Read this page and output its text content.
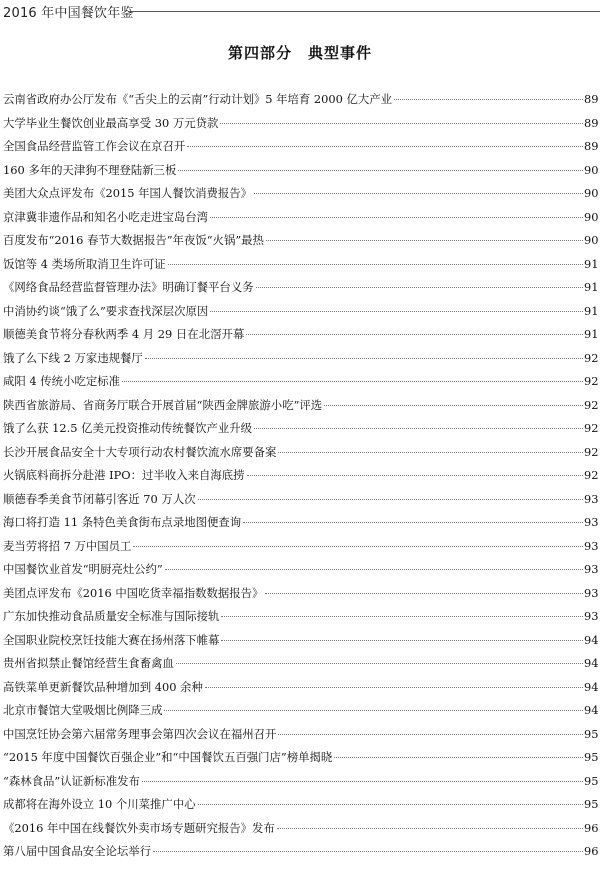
2016 年中国餐饮年鉴
第四部分　典型事件
云南省政府办公厅发布《“舌尖上的云南”行动计划》5 年培育 2000 亿大产业	89
大学毕业生餐饮创业最高享受 30 万元贷款	89
全国食品经营监管工作会议在京召开	89
160 多年的天津狗不理登陆新三板	90
美团大众点评发布《2015 年国人餐饮消费报告》	90
京津冀非遗作品和知名小吃走进宝岛台湾	90
百度发布“2016 春节大数据报告”年夜饭“火锅”最热	90
饭馆等 4 类场所取消卫生许可证	91
《网络食品经营监督管理办法》明确订餐平台义务	91
中消协约谈“饿了么”要求查找深层次原因	91
顺德美食节将分春秋两季 4 月 29 日在北滘开幕	91
饿了么下线 2 万家违规餐厅	92
咸阳 4 传统小吃定标准	92
陕西省旅游局、省商务厅联合开展首届“陕西金牌旅游小吃”评选	92
饿了么获 12.5 亿美元投资推动传统餐饮产业升级	92
长沙开展食品安全十大专项行动农村餐饮流水席要备案	92
火锅底料商拆分赴港 IPO：过半收入来自海底捞	92
顺德春季美食节闭幕引客近 70 万人次	93
海口将打造 11 条特色美食街布点录地图便查询	93
麦当劳将招 7 万中国员工	93
中国餐饮业首发“明厨亮灶公约”	93
美团点评发布《2016 中国吃货幸福指数数据报告》	93
广东加快推动食品质量安全标准与国际接轨	93
全国职业院校烹饪技能大赛在扬州落下帷幕	94
贵州省拟禁止餐馆经营生食畜禽血	94
高铁菜单更新餐饮品种增加到 400 余种	94
北京市餐馆大堂吸烟比例降三成	94
中国烹饪协会第六届常务理事会第四次会议在福州召开	95
“2015 年度中国餐饮百强企业”和“中国餐饮五百强门店”榜单揭晓	95
“森林食品”认证新标准发布	95
成都将在海外设立 10 个川菜推广中心	95
《2016 年中国在线餐饮外卖市场专题研究报告》发布	96
第八届中国食品安全论坛举行	96
